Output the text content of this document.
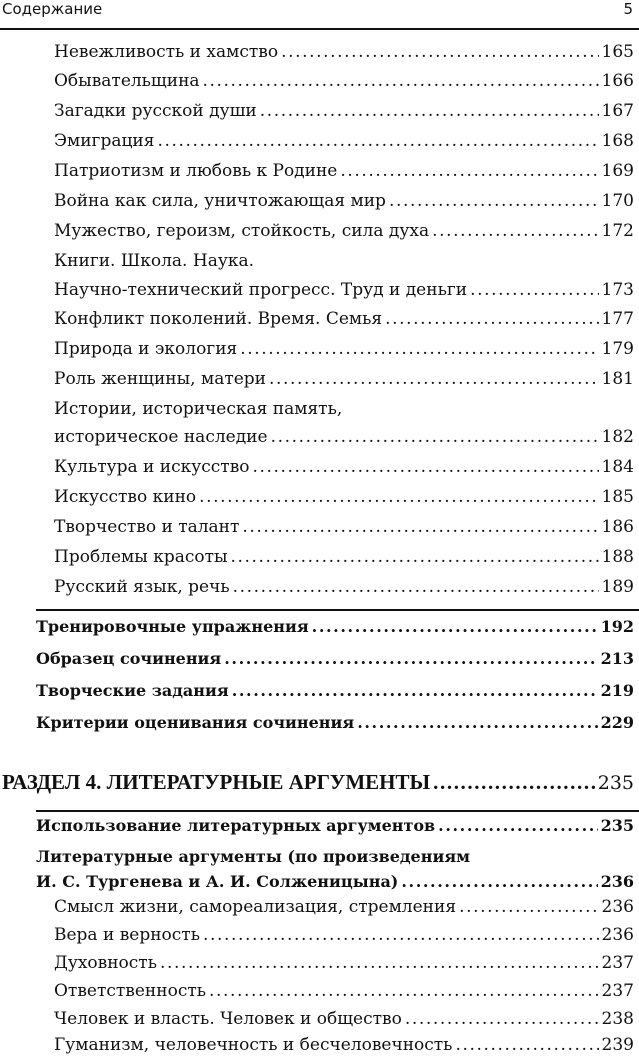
Содержание	5
Невежливость и хамство .....	165
Обывательщина .....	166
Загадки русской души .....	167
Эмиграция .....	168
Патриотизм и любовь к Родине .....	169
Война как сила, уничтожающая мир .....	170
Мужество, героизм, стойкость, сила духа .....	172
Книги. Школа. Наука.
Научно-технический прогресс. Труд и деньги .....	173
Конфликт поколений. Время. Семья .....	177
Природа и экология .....	179
Роль женщины, матери .....	181
Истории, историческая память,
историческое наследие .....	182
Культура и искусство .....	184
Искусство кино .....	185
Творчество и талант .....	186
Проблемы красоты .....	188
Русский язык, речь .....	189
Тренировочные упражнения .....	192
Образец сочинения .....	213
Творческие задания .....	219
Критерии оценивания сочинения .....	229
РАЗДЕЛ 4. ЛИТЕРАТУРНЫЕ АРГУМЕНТЫ .....	235
Использование литературных аргументов .....	235
Литературные аргументы (по произведениям
И. С. Тургенева и А. И. Солженицына) .....	236
Смысл жизни, самореализация, стремления .....	236
Вера и верность .....	236
Духовность .....	237
Ответственность .....	237
Человек и власть. Человек и общество .....	238
Гуманизм, человечность и бесчеловечность .....	239
